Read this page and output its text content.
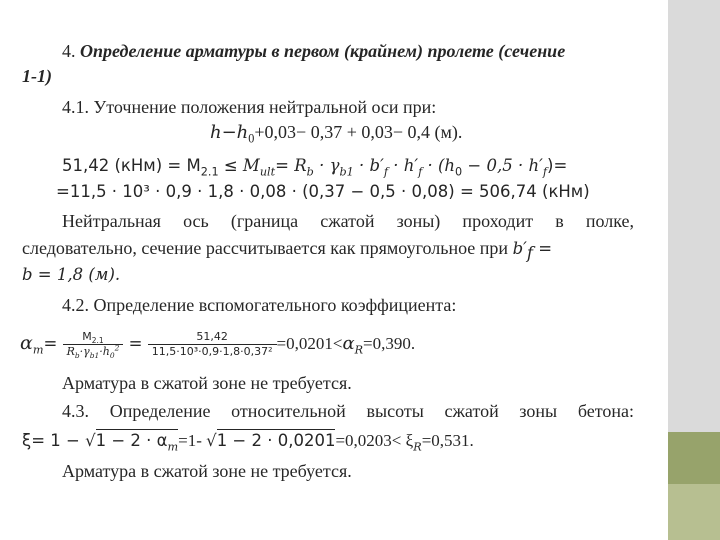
4. Определение арматуры в первом (крайнем) пролете (сечение
1-1)
4.1. Уточнение положения нейтральной оси при:
$h-h_0+0,03- 0,37 + 0,03- 0,4$ (м).
51,42 $(кНм) = M_{2.1} \le M_{ult}= R_b \cdot \gamma_{b1} \cdot b'_f \cdot h'_f \cdot (h_0 - 0,5 \cdot h'_f)=$
=11,5 · 10³ · 0,9 · 1,8 · 0,08 · (0,37 − 0,5 · 0,08) = 506,74 (кНм)
Нейтральная ось (граница сжатой зоны) проходит в полке,
следовательно, сечение рассчитывается как прямоугольное при $b'_f$ =
b = 1,8 (м).
4.2. Определение вспомогательного коэффициента:
$\alpha_m= \frac{M_{2.1}}{R_b\cdot\gamma_{b1}\cdot h_0^2} = \frac{51,42}{\text{11,5·10³·0,9·1,8·0,37²}} =0,0201<\alpha_R=0,390$.
Арматура в сжатой зоне не требуется.
4.3. Определение относительной высоты сжатой зоны бетона:
$\xi= 1 - √1 - 2 \cdot \alpha_m=1-$ $√1 - 2 \cdot 0,0201=0,0203< \xi_R=0,531$.
Арматура в сжатой зоне не требуется.
